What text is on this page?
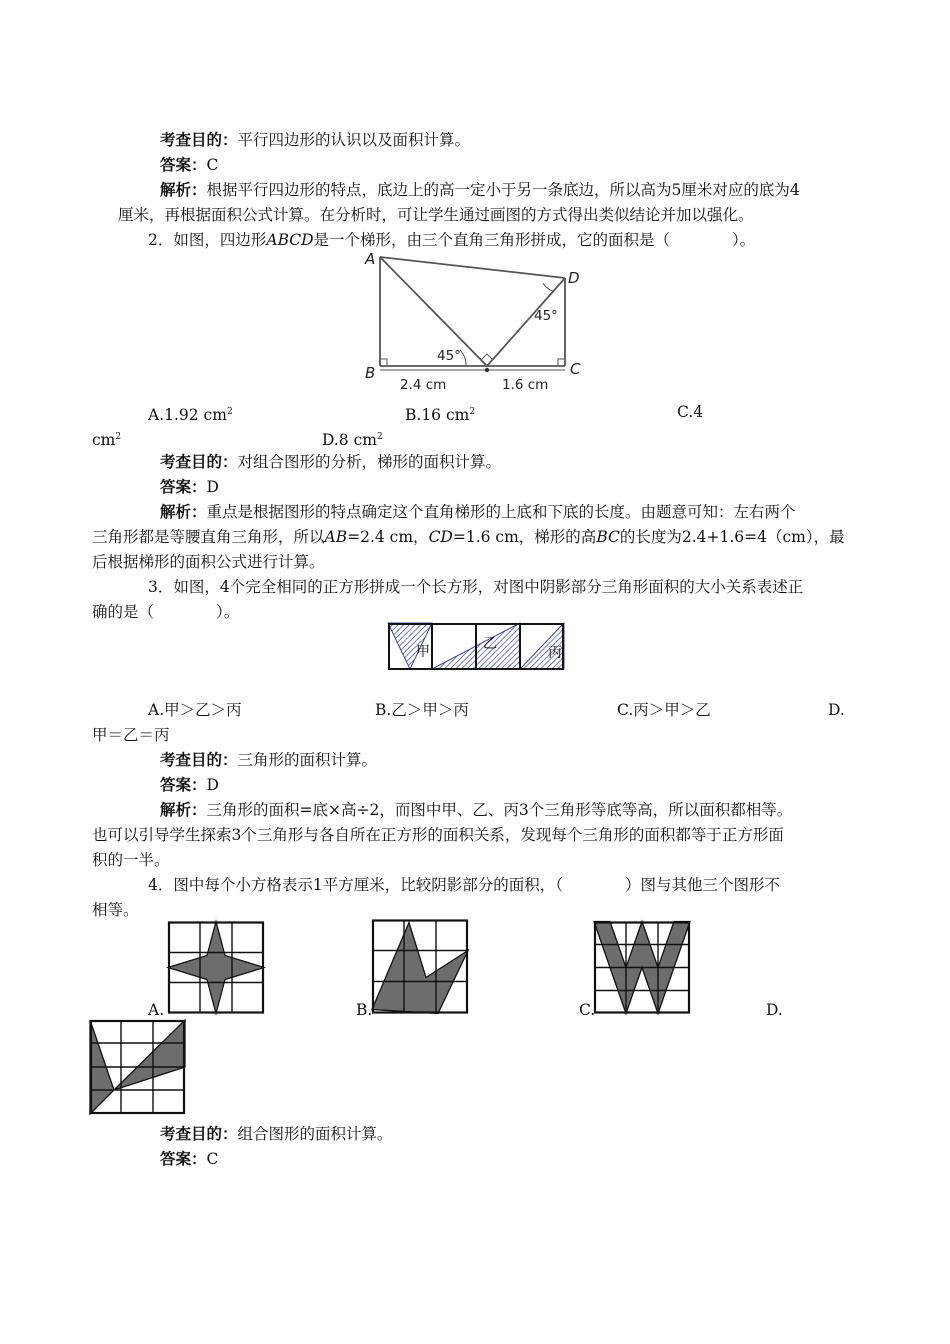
考查目的：平行四边形的认识以及面积计算。
答案：C
解析：根据平行四边形的特点，底边上的高一定小于另一条底边，所以高为5厘米对应的底为4
厘米，再根据面积公式计算。在分析时，可让学生通过画图的方式得出类似结论并加以强化。
2．如图，四边形ABCD是一个梯形，由三个直角三角形拼成，它的面积是（　　　　）。
A
B	C
D
45°
45°
2.4 cm	1.6 cm
A.1.92 $cm^2$	B.16 $cm^2$	C.4
$cm^2$	D.8 $cm^2$
考查目的：对组合图形的分析，梯形的面积计算。
答案：D
解析：重点是根据图形的特点确定这个直角梯形的上底和下底的长度。由题意可知：左右两个
三角形都是等腰直角三角形，所以AB=2.4 cm，CD=1.6 cm，梯形的高BC的长度为2.4+1.6=4（cm），最
后根据梯形的面积公式进行计算。
3．如图，4个完全相同的正方形拼成一个长方形，对图中阴影部分三角形面积的大小关系表述正
确的是（　　　　）。
甲	乙
丙
A.甲＞乙＞丙	B.乙＞甲＞丙	C.丙＞甲＞乙	D.
甲＝乙＝丙
考查目的：三角形的面积计算。
答案：D
解析：三角形的面积=底×高÷2，而图中甲、乙、丙3个三角形等底等高，所以面积都相等。
也可以引导学生探索3个三角形与各自所在正方形的面积关系，发现每个三角形的面积都等于正方形面
积的一半。
4．图中每个小方格表示1平方厘米，比较阴影部分的面积，（　　　　）图与其他三个图形不
相等。
A.	B.	C.	D.
考查目的：组合图形的面积计算。
答案：C
